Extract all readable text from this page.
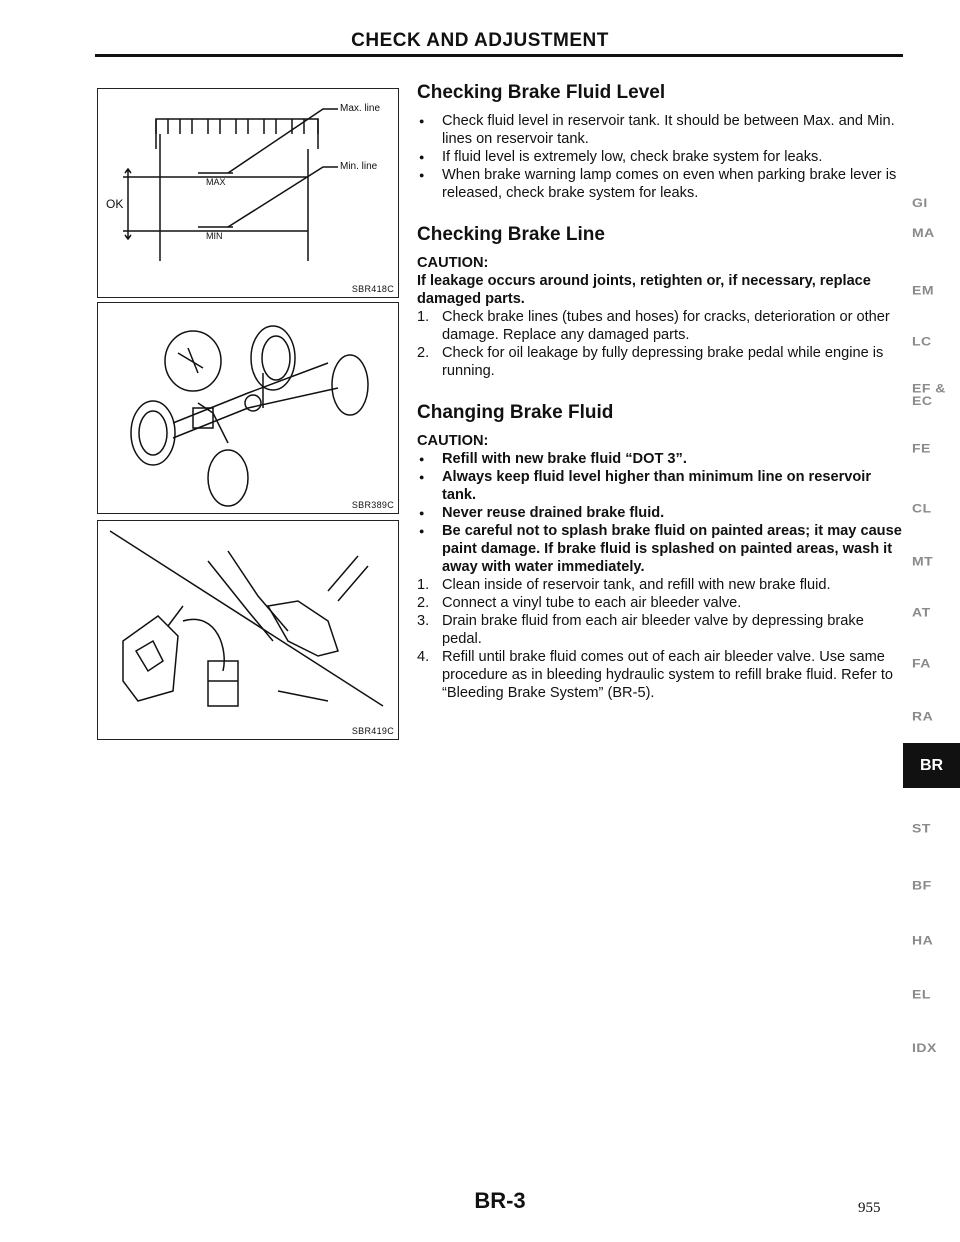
CHECK AND ADJUSTMENT
Max. line
Min. line
OK
MAX
MIN
SBR418C
SBR389C
SBR419C
Checking Brake Fluid Level
● Check fluid level in reservoir tank. It should be between Max. and Min. lines on reservoir tank.
● If fluid level is extremely low, check brake system for leaks.
● When brake warning lamp comes on even when parking brake lever is released, check brake system for leaks.
Checking Brake Line
CAUTION:
If leakage occurs around joints, retighten or, if necessary, replace damaged parts.
1. Check brake lines (tubes and hoses) for cracks, deterioration or other damage. Replace any damaged parts.
2. Check for oil leakage by fully depressing brake pedal while engine is running.
Changing Brake Fluid
CAUTION:
● Refill with new brake fluid “DOT 3”.
● Always keep fluid level higher than minimum line on reservoir tank.
● Never reuse drained brake fluid.
● Be careful not to splash brake fluid on painted areas; it may cause paint damage. If brake fluid is splashed on painted areas, wash it away with water immediately.
1. Clean inside of reservoir tank, and refill with new brake fluid.
2. Connect a vinyl tube to each air bleeder valve.
3. Drain brake fluid from each air bleeder valve by depressing brake pedal.
4. Refill until brake fluid comes out of each air bleeder valve. Use same procedure as in bleeding hydraulic system to refill brake fluid. Refer to “Bleeding Brake System” (BR-5).
GI
MA
EM
LC
EF &
EC
FE
CL
MT
AT
FA
RA
ST
BF
HA
EL
IDX
BR
BR-3	955
